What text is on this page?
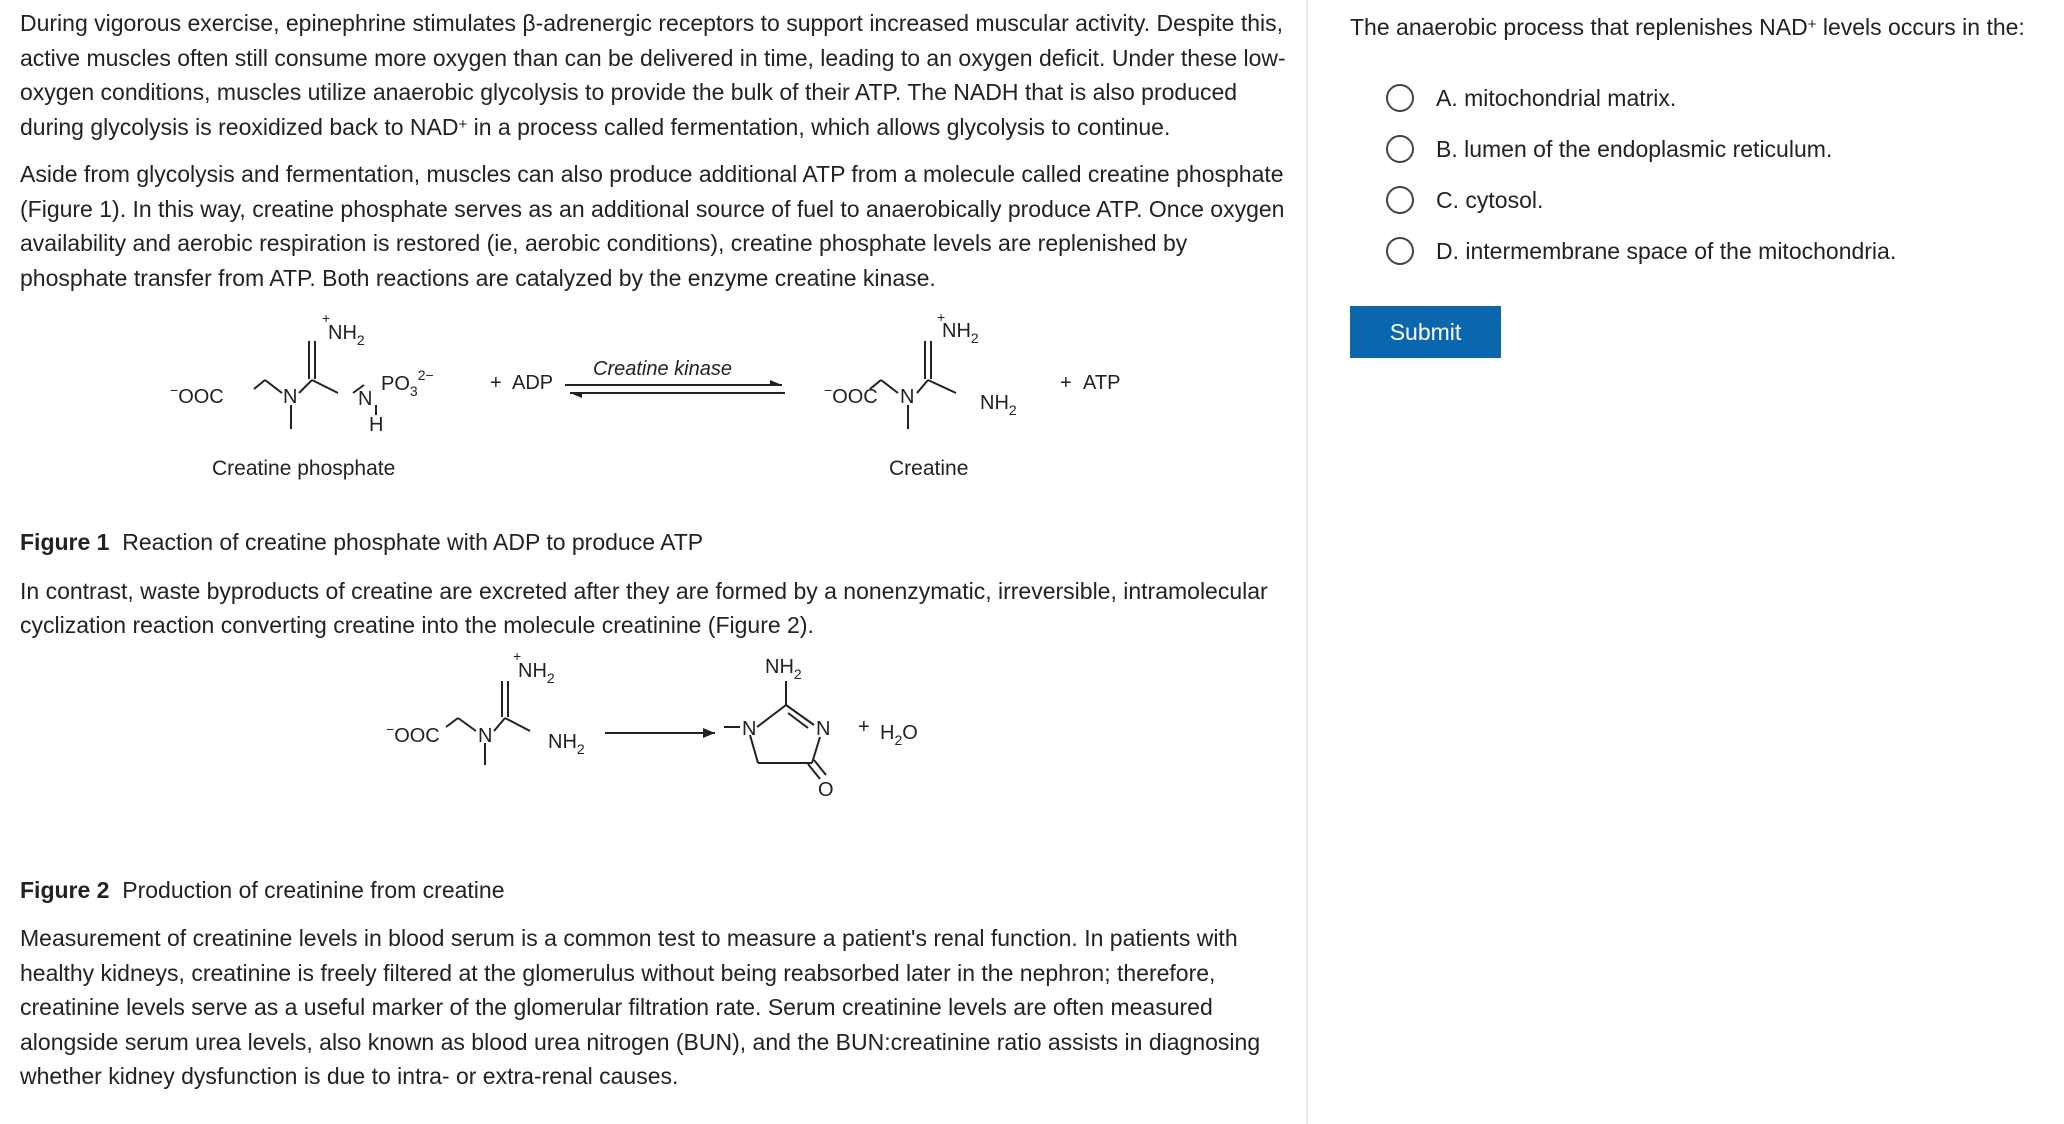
During vigorous exercise, epinephrine stimulates β-adrenergic receptors to support increased muscular activity. Despite this, active muscles often still consume more oxygen than can be delivered in time, leading to an oxygen deficit. Under these low-oxygen conditions, muscles utilize anaerobic glycolysis to provide the bulk of their ATP. The NADH that is also produced during glycolysis is reoxidized back to NAD+ in a process called fermentation, which allows glycolysis to continue.

Aside from glycolysis and fermentation, muscles can also produce additional ATP from a molecule called creatine phosphate (Figure 1). In this way, creatine phosphate serves as an additional source of fuel to anaerobically produce ATP. Once oxygen availability and aerobic respiration is restored (ie, aerobic conditions), creatine phosphate levels are replenished by phosphate transfer from ATP. Both reactions are catalyzed by the enzyme creatine kinase.

−OOC	N
+
$NH_2$
N
H
$PO_3^{2-}$	+ ADP
Creatine kinase
−OOC N
+
$NH_2$
$NH_2$
+ ATP
Creatine phosphate	Creatine

Figure 1 Reaction of creatine phosphate with ADP to produce ATP

In contrast, waste byproducts of creatine are excreted after they are formed by a nonenzymatic, irreversible, intramolecular cyclization reaction converting creatine into the molecule creatinine (Figure 2).

−OOC N
+
$NH_2$
$NH_2$
$NH_2$
N	N
O
+ $H_2O$

Figure 2 Production of creatinine from creatine

Measurement of creatinine levels in blood serum is a common test to measure a patient's renal function. In patients with healthy kidneys, creatinine is freely filtered at the glomerulus without being reabsorbed later in the nephron; therefore, creatinine levels serve as a useful marker of the glomerular filtration rate. Serum creatinine levels are often measured alongside serum urea levels, also known as blood urea nitrogen (BUN), and the BUN:creatinine ratio assists in diagnosing whether kidney dysfunction is due to intra- or extra-renal causes.

The anaerobic process that replenishes NAD+ levels occurs in the:
A. mitochondrial matrix.
B. lumen of the endoplasmic reticulum.
C. cytosol.
D. intermembrane space of the mitochondria.
Submit
